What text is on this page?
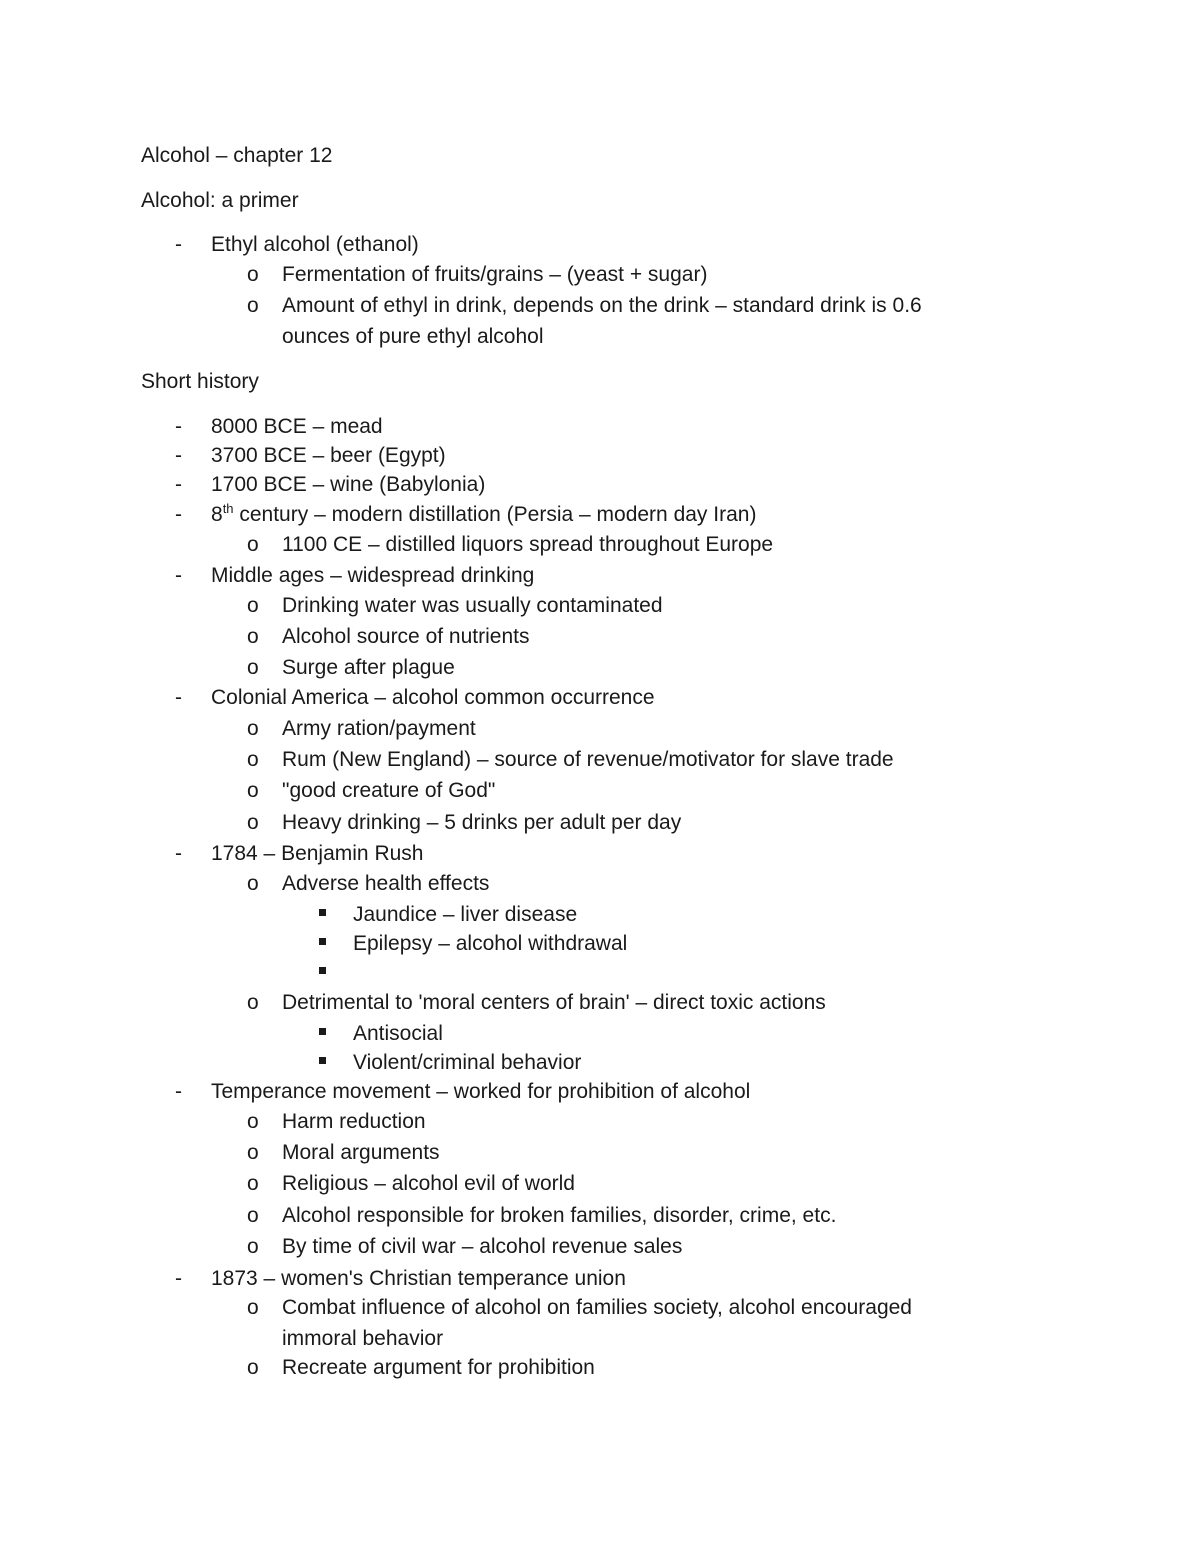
Alcohol – chapter 12
Alcohol: a primer
- Ethyl alcohol (ethanol)
o Fermentation of fruits/grains – (yeast + sugar)
o Amount of ethyl in drink, depends on the drink – standard drink is 0.6
ounces of pure ethyl alcohol
Short history
- 8000 BCE – mead
- 3700 BCE – beer (Egypt)
- 1700 BCE – wine (Babylonia)
- 8th century – modern distillation (Persia – modern day Iran)
o 1100 CE – distilled liquors spread throughout Europe
- Middle ages – widespread drinking
o Drinking water was usually contaminated
o Alcohol source of nutrients
o Surge after plague
- Colonial America – alcohol common occurrence
o Army ration/payment
o Rum (New England) – source of revenue/motivator for slave trade
o "good creature of God"
o Heavy drinking – 5 drinks per adult per day
- 1784 – Benjamin Rush
o Adverse health effects
Jaundice – liver disease
Epilepsy – alcohol withdrawal
o Detrimental to 'moral centers of brain' – direct toxic actions
Antisocial
Violent/criminal behavior
- Temperance movement – worked for prohibition of alcohol
o Harm reduction
o Moral arguments
o Religious – alcohol evil of world
o Alcohol responsible for broken families, disorder, crime, etc.
o By time of civil war – alcohol revenue sales
- 1873 – women's Christian temperance union
o Combat influence of alcohol on families society, alcohol encouraged
immoral behavior
o Recreate argument for prohibition
